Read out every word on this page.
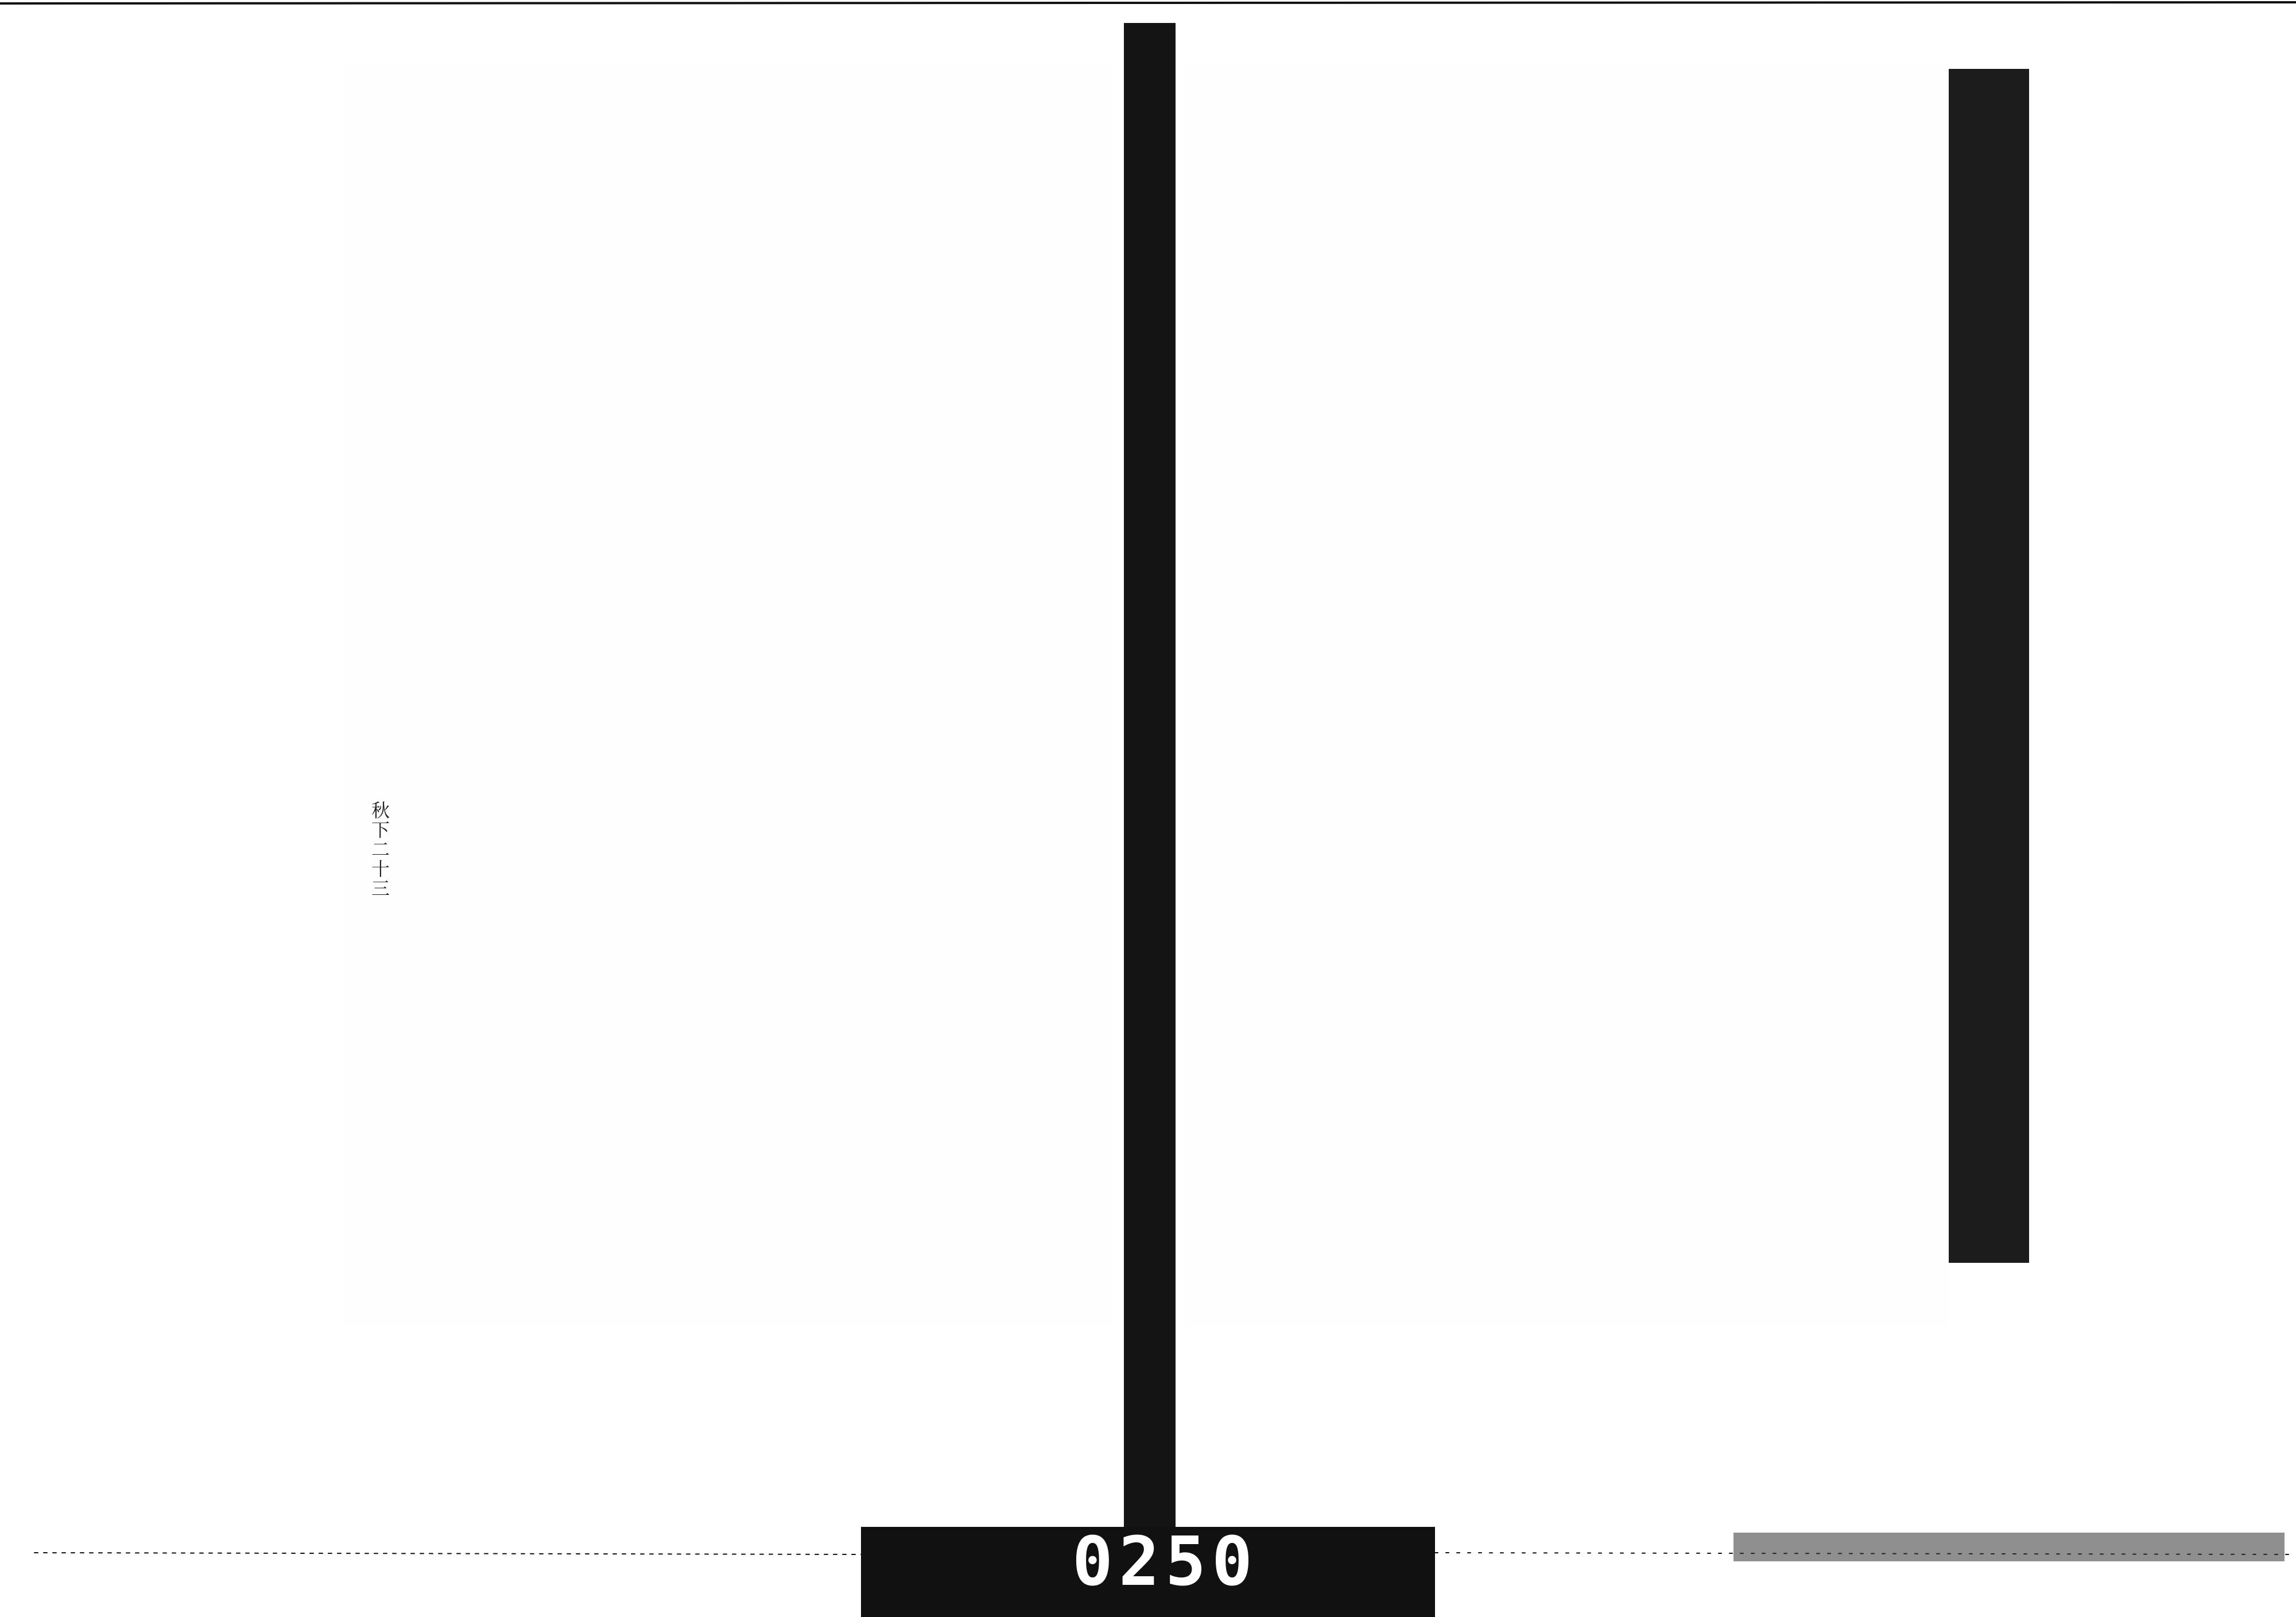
秋下二十三
0250
